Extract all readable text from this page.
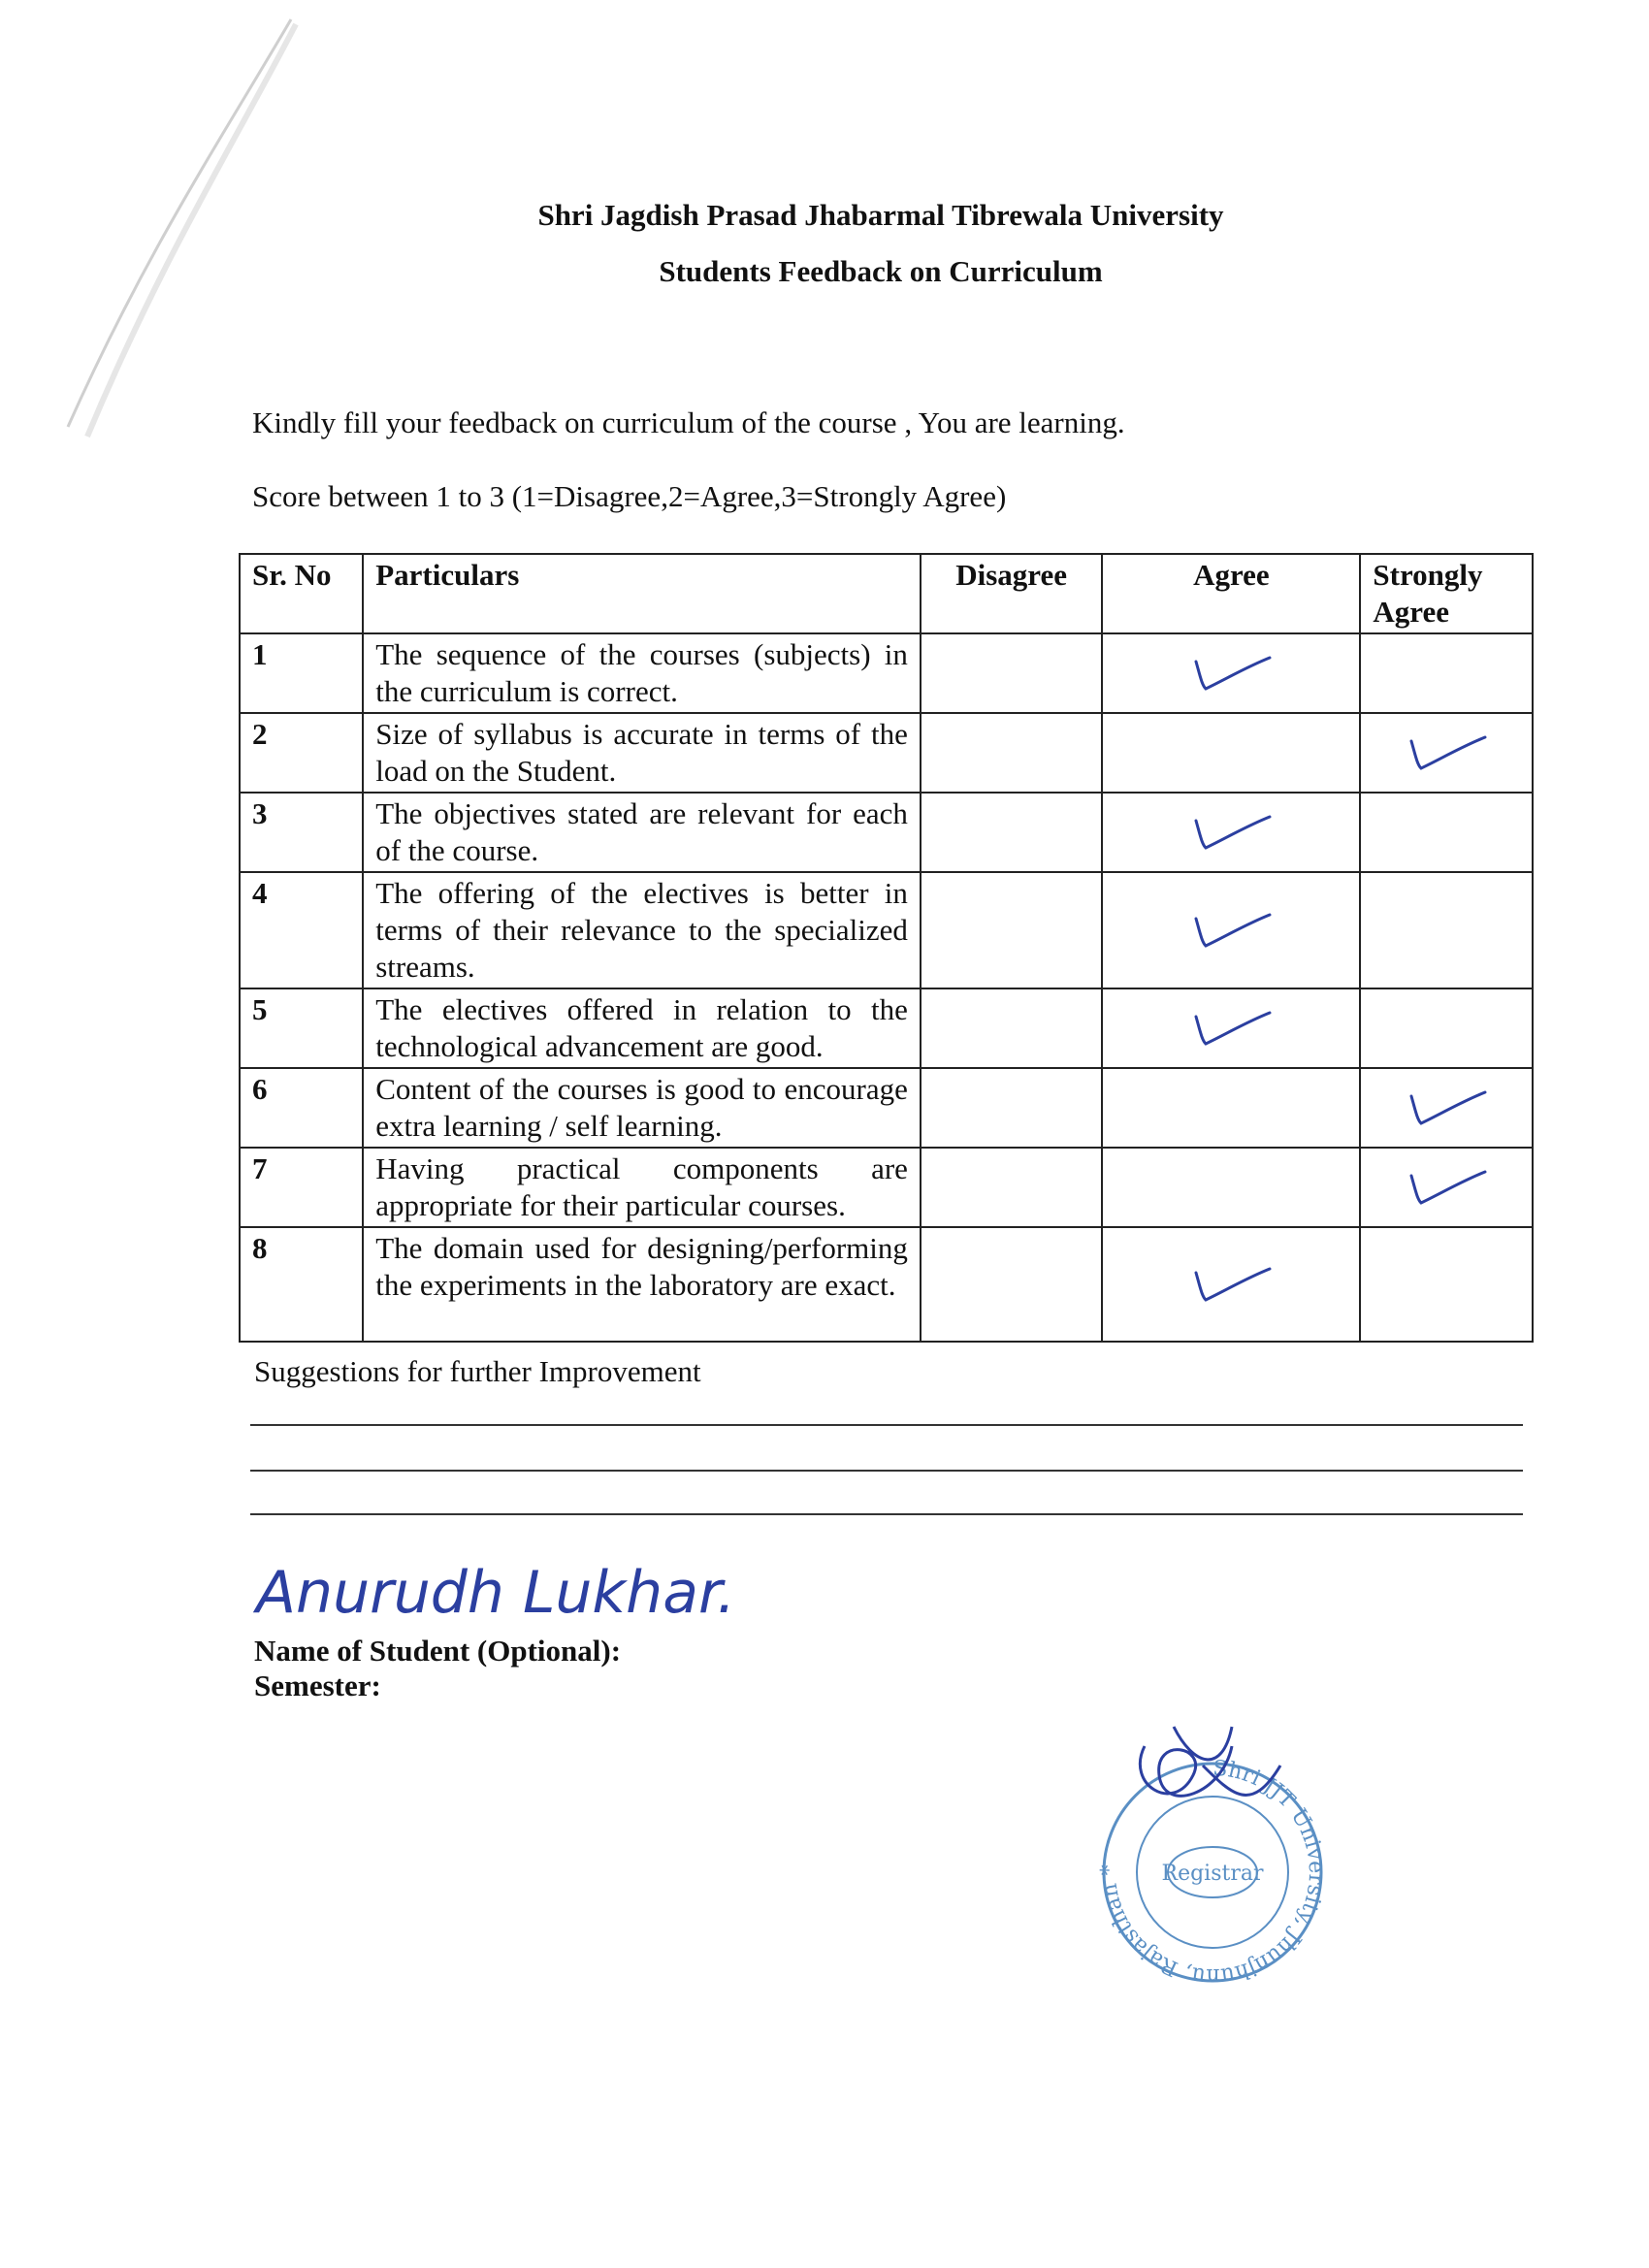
Shri Jagdish Prasad Jhabarmal Tibrewala University
Students Feedback on Curriculum
Kindly fill your feedback on curriculum of the course , You are learning.
Score between 1 to 3 (1=Disagree,2=Agree,3=Strongly Agree)
Sr. No	Particulars	Disagree	Agree	Strongly Agree
1	The sequence of the courses (subjects) in the curriculum is correct.		

2	Size of syllabus is accurate in terms of the load on the Student.			

3	The objectives stated are relevant for each of the course.		

4	The offering of the electives is better in terms of their relevance to the specialized streams.		

5	The electives offered in relation to the technological advancement are good.		

6	Content of the courses is good to encourage extra learning / self learning.			

7	Having practical components are appropriate for their particular courses.			

8	The domain used for designing/performing the experiments in the laboratory are exact.		

Suggestions for further Improvement
Anurudh Lukhar.
Name of Student (Optional):
Semester:
Shri JJT University, Jhunjhunu, Rajasthan *	Registrar
